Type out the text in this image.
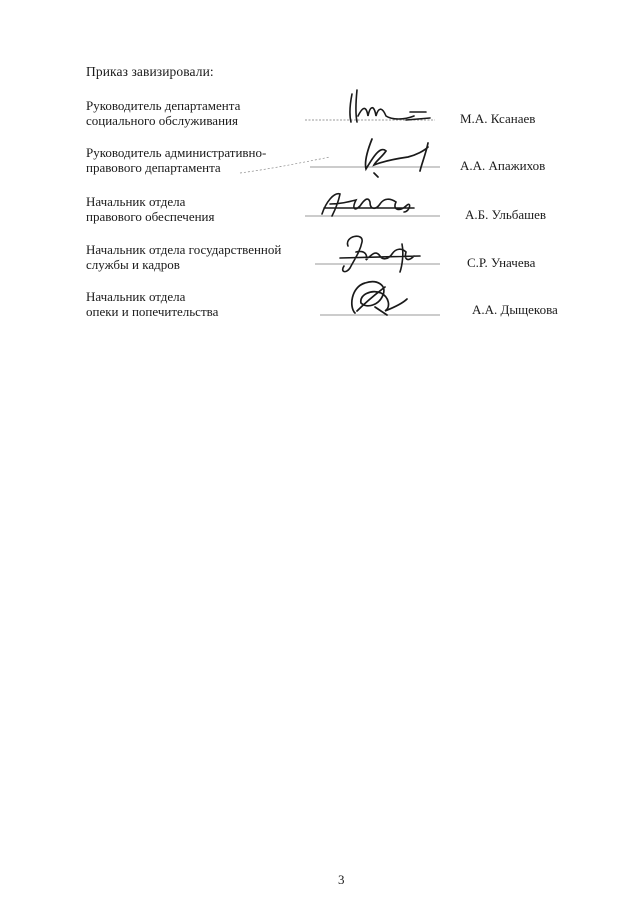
Приказ завизировали:
Руководитель департамента
социального обслуживания	М.А. Ксанаев
Руководитель административно-
правового департамента	А.А. Апажихов
Начальник отдела
правового обеспечения	А.Б. Ульбашев
Начальник отдела государственной
службы и кадров	С.Р. Уначева
Начальник отдела
опеки и попечительства	А.А. Дыщекова
3
